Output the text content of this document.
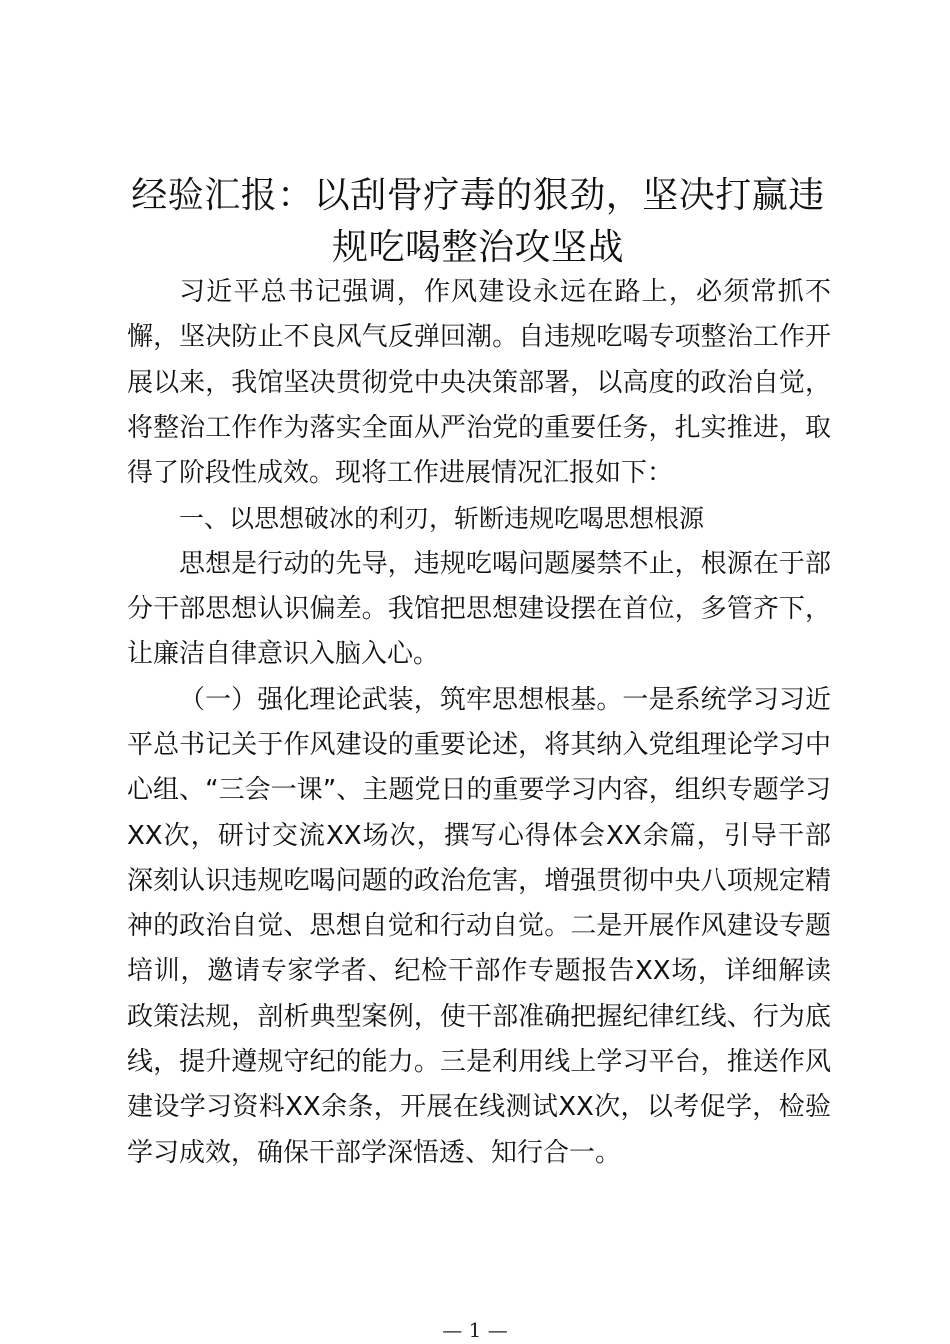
经验汇报：以刮骨疗毒的狠劲，坚决打赢违规吃喝整治攻坚战

习近平总书记强调，作风建设永远在路上，必须常抓不懈，坚决防止不良风气反弹回潮。自违规吃喝专项整治工作开展以来，我馆坚决贯彻党中央决策部署，以高度的政治自觉，将整治工作作为落实全面从严治党的重要任务，扎实推进，取得了阶段性成效。现将工作进展情况汇报如下：

一、以思想破冰的利刃，斩断违规吃喝思想根源

思想是行动的先导，违规吃喝问题屡禁不止，根源在于部分干部思想认识偏差。我馆把思想建设摆在首位，多管齐下，让廉洁自律意识入脑入心。

（一）强化理论武装，筑牢思想根基。一是系统学习习近平总书记关于作风建设的重要论述，将其纳入党组理论学习中心组、“三会一课”、主题党日的重要学习内容，组织专题学习XX次，研讨交流XX场次，撰写心得体会XX余篇，引导干部深刻认识违规吃喝问题的政治危害，增强贯彻中央八项规定精神的政治自觉、思想自觉和行动自觉。二是开展作风建设专题培训，邀请专家学者、纪检干部作专题报告XX场，详细解读政策法规，剖析典型案例，使干部准确把握纪律红线、行为底线，提升遵规守纪的能力。三是利用线上学习平台，推送作风建设学习资料XX余条，开展在线测试XX次，以考促学，检验学习成效，确保干部学深悟透、知行合一。

— 1 —
